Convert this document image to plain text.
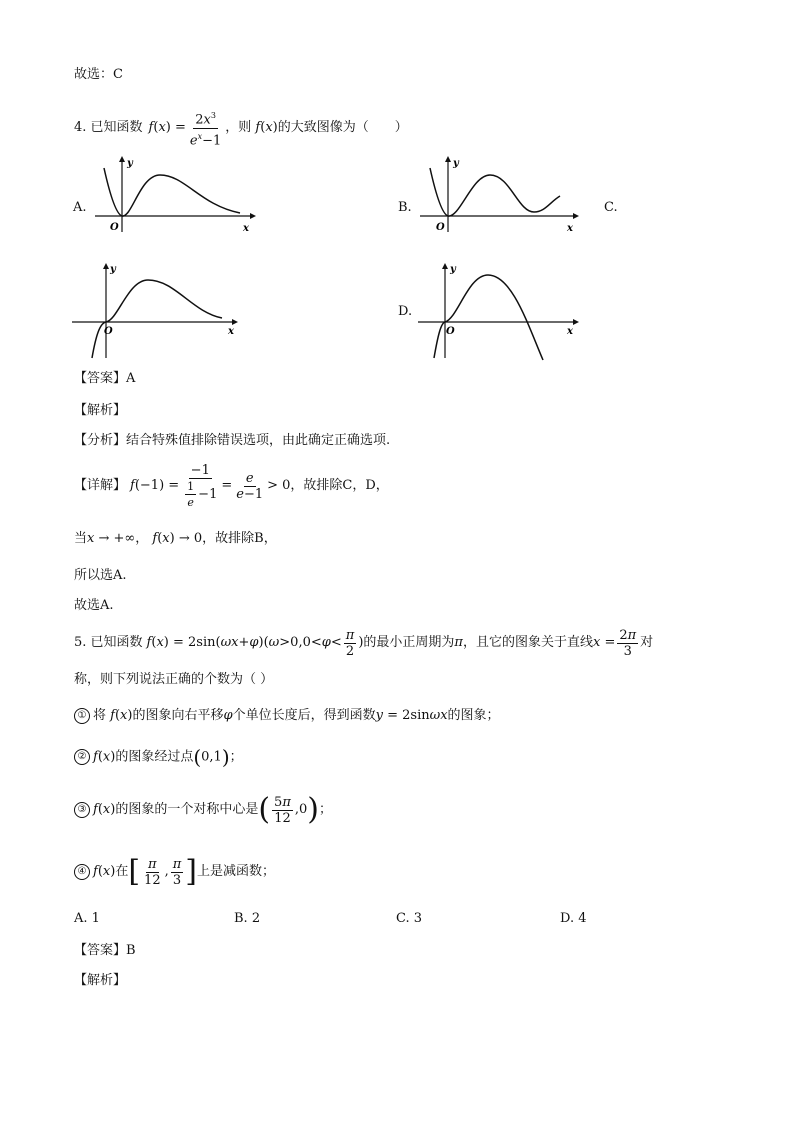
故选：C
4. 已知函数 f ( x ) = $\frac{2x^3}{e^x-1}$ ，则 f ( x ) 的大致图像为（　　）
A.
y
x
O
y
x
O
y
x
O
y
x
O
B.	C.
D.
【答案】A
【解析】
【分析】结合特殊值排除错误选项，由此确定正确选项.
【详解】 f $(-1) = \frac{-1}{\frac{1}{e} -1} = \frac{e}{e-1} > 0$ ，故排除C，D，
当x → +∞， f(x) → 0，故排除B，
所以选A.
故选A.
5. 已知函数 f ( x ) = 2sin( ωx + φ )( $\omega >0,0< \varphi < \frac{\pi}{2}$ ) 的最小正周期为 π ，且它的图象关于直线 $x = \frac{2\pi}{3}$ 对
称，则下列说法正确的个数为（ ）
① 将 f(x)的图象向右平移φ个单位长度后，得到函数y = 2sinωx的图象；
② f(x)的图象经过点(0,1)；
③ f ( x ) 的图象的一个对称中心是 ( $\frac{5\pi}{12} ,0$ ) ；
④ f ( x ) 在 [ $\frac{\pi}{12}$ , $\frac{\pi}{3}$ ] 上是减函数；
A. 1	B. 2	C. 3	D. 4
【答案】B
【解析】
